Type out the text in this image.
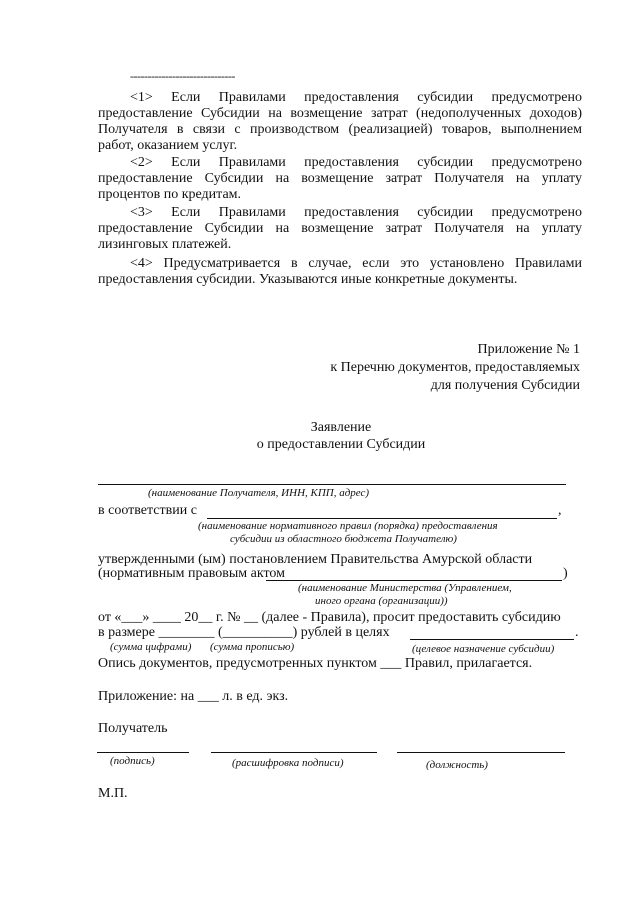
------------------------------
<1> Если Правилами предоставления субсидии предусмотрено
предоставление Субсидии на возмещение затрат (недополученных доходов)
Получателя в связи с производством (реализацией) товаров, выполнением
работ, оказанием услуг.
<2> Если Правилами предоставления субсидии предусмотрено
предоставление Субсидии на возмещение затрат Получателя на уплату
процентов по кредитам.
<3> Если Правилами предоставления субсидии предусмотрено
предоставление Субсидии на возмещение затрат Получателя на уплату
лизинговых платежей.
<4> Предусматривается в случае, если это установлено Правилами
предоставления субсидии. Указываются иные конкретные документы.
Приложение № 1
к Перечню документов, предоставляемых
для получения Субсидии
Заявление
о предоставлении Субсидии
(наименование Получателя, ИНН, КПП, адрес)
в соответствии с	,
(наименование нормативного правил (порядка) предоставления
субсидии из областного бюджета Получателю)
утвержденными (ым) постановлением Правительства Амурской области
(нормативным правовым актом	)
(наименование Министерства (Управлением,
иного органа (организации))
от «___» ____ 20__ г. № __ (далее - Правила), просит предоставить субсидию
в размере ________ (__________) рублей в целях	.
(сумма цифрами) (сумма прописью)	(целевое назначение субсидии)
Опись документов, предусмотренных пунктом ___ Правил, прилагается.
Приложение: на ___ л. в ед. экз.
Получатель
(подпись)	(расшифровка подписи)	(должность)
М.П.
